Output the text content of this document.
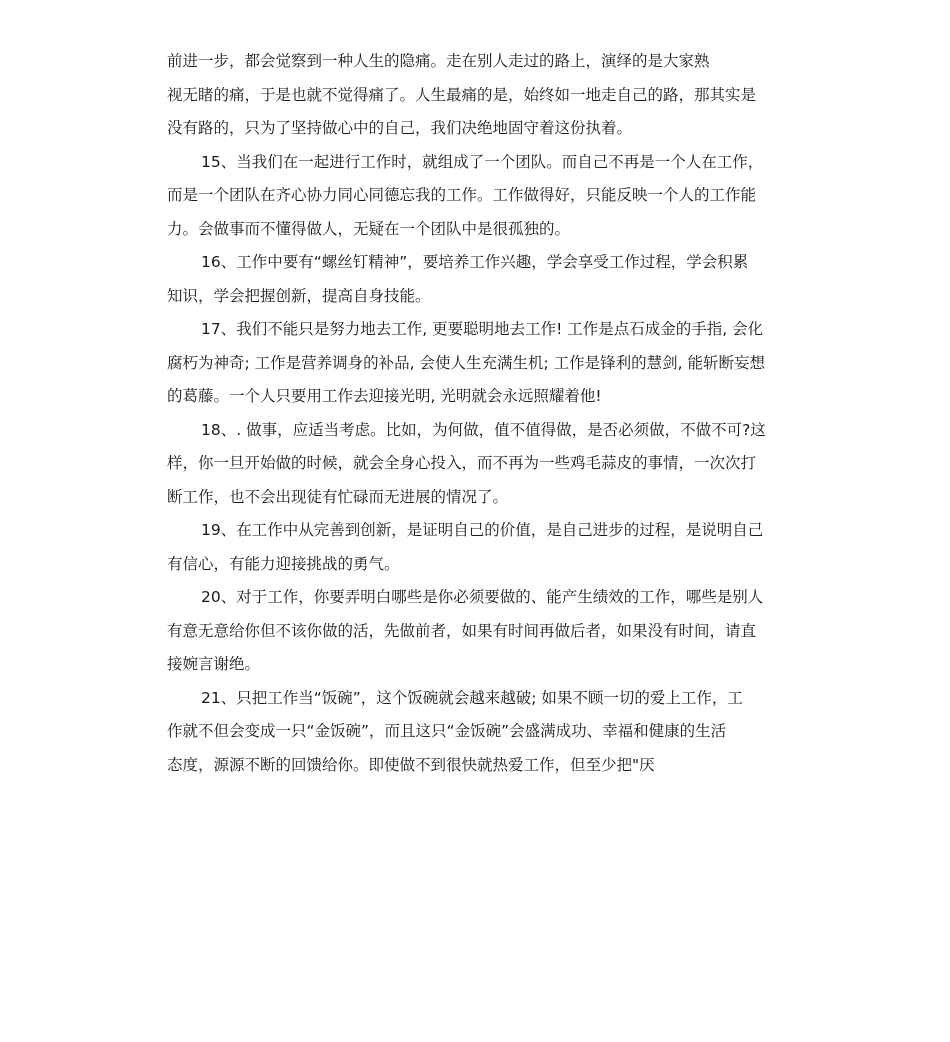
前进一步，都会觉察到一种人生的隐痛。走在别人走过的路上，演绎的是大家熟
视无睹的痛，于是也就不觉得痛了。人生最痛的是，始终如一地走自己的路，那其实是
没有路的，只为了坚持做心中的自己，我们决绝地固守着这份执着。
15、当我们在一起进行工作时，就组成了一个团队。而自己不再是一个人在工作，
而是一个团队在齐心协力同心同德忘我的工作。工作做得好，只能反映一个人的工作能
力。会做事而不懂得做人，无疑在一个团队中是很孤独的。
16、工作中要有“螺丝钉精神”，要培养工作兴趣，学会享受工作过程，学会积累
知识，学会把握创新，提高自身技能。
17、我们不能只是努力地去工作, 更要聪明地去工作! 工作是点石成金的手指, 会化
腐朽为神奇; 工作是营养调身的补品, 会使人生充满生机; 工作是锋利的慧剑, 能斩断妄想
的葛藤。一个人只要用工作去迎接光明, 光明就会永远照耀着他!
18、. 做事，应适当考虑。比如，为何做，值不值得做，是否必须做，不做不可?这
样，你一旦开始做的时候，就会全身心投入，而不再为一些鸡毛蒜皮的事情，一次次打
断工作，也不会出现徒有忙碌而无进展的情况了。
19、在工作中从完善到创新，是证明自己的价值，是自己进步的过程，是说明自己
有信心，有能力迎接挑战的勇气。
20、对于工作，你要弄明白哪些是你必须要做的、能产生绩效的工作，哪些是别人
有意无意给你但不该你做的活，先做前者，如果有时间再做后者，如果没有时间，请直
接婉言谢绝。
21、只把工作当“饭碗”，这个饭碗就会越来越破; 如果不顾一切的爱上工作，工
作就不但会变成一只“金饭碗”，而且这只“金饭碗”会盛满成功、幸福和健康的生活
态度，源源不断的回馈给你。即使做不到很快就热爱工作，但至少把"厌
